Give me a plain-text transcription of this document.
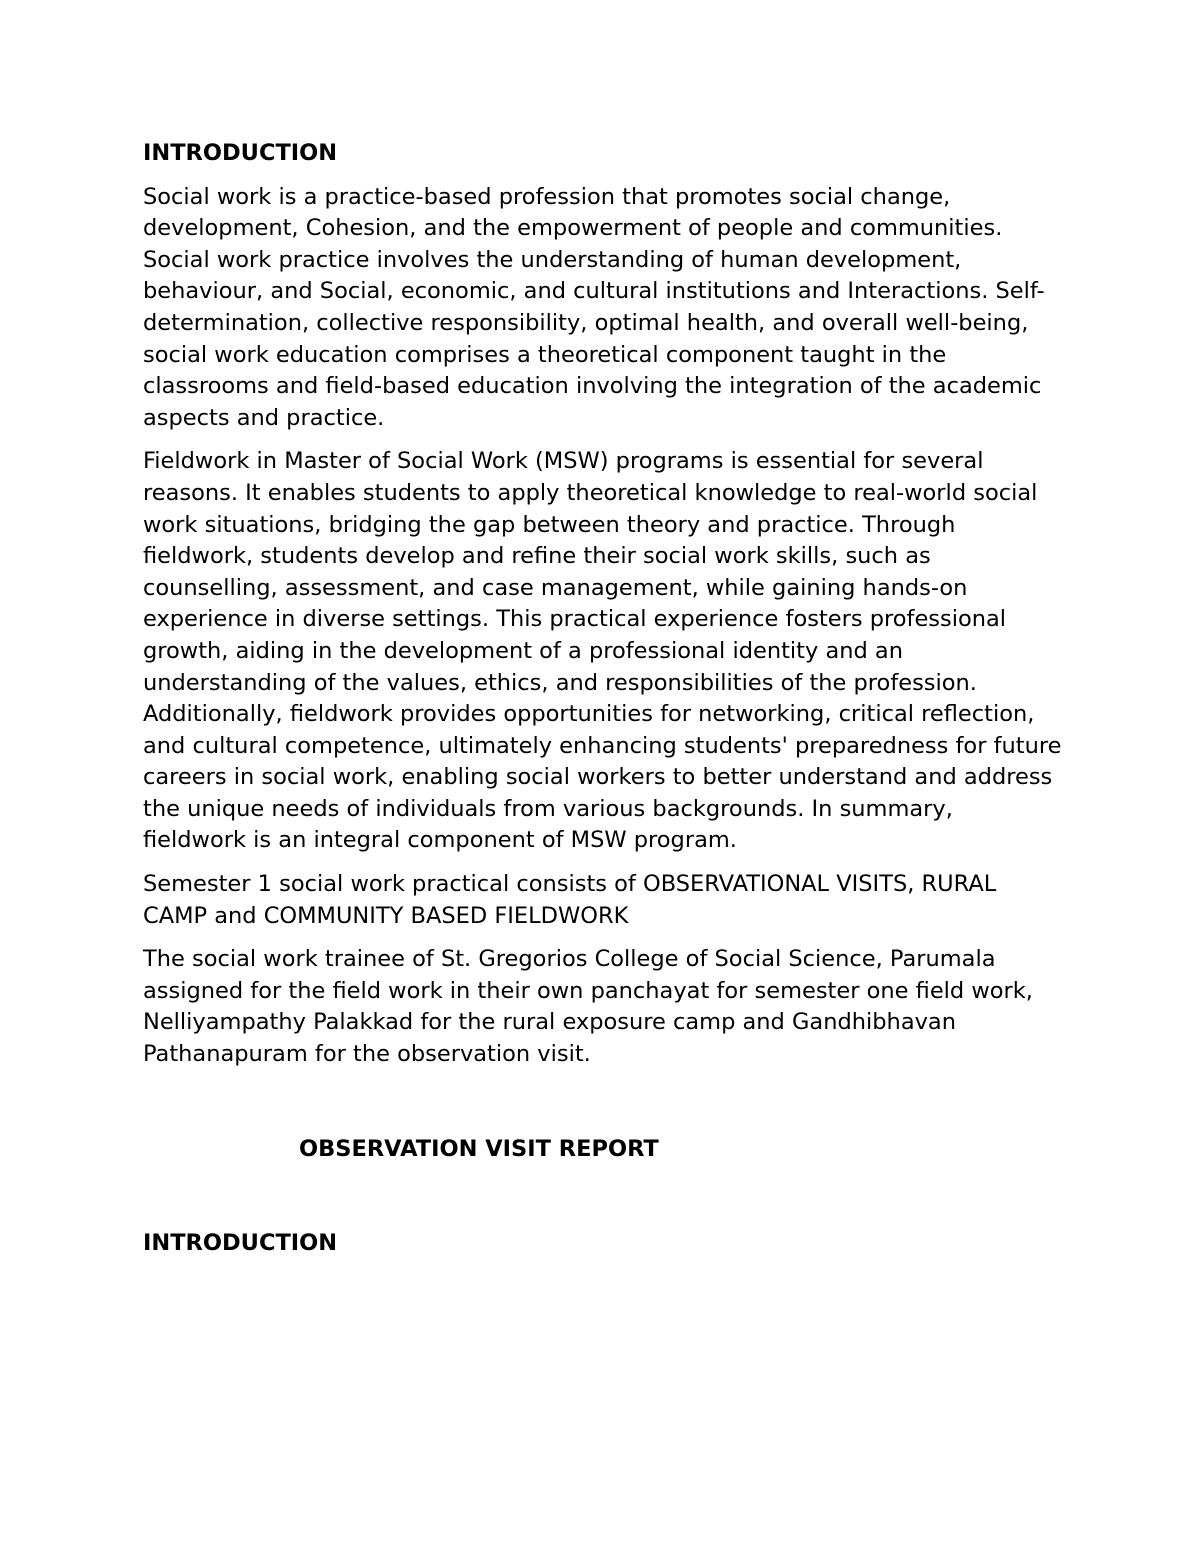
INTRODUCTION

Social work is a practice-based profession that promotes social change, development, Cohesion, and the empowerment of people and communities. Social work practice involves the understanding of human development, behaviour, and Social, economic, and cultural institutions and Interactions. Self-determination, collective responsibility, optimal health, and overall well-being, social work education comprises a theoretical component taught in the classrooms and field-based education involving the integration of the academic aspects and practice.

Fieldwork in Master of Social Work (MSW) programs is essential for several reasons. It enables students to apply theoretical knowledge to real-world social work situations, bridging the gap between theory and practice. Through fieldwork, students develop and refine their social work skills, such as counselling, assessment, and case management, while gaining hands-on experience in diverse settings. This practical experience fosters professional growth, aiding in the development of a professional identity and an understanding of the values, ethics, and responsibilities of the profession. Additionally, fieldwork provides opportunities for networking, critical reflection, and cultural competence, ultimately enhancing students' preparedness for future careers in social work, enabling social workers to better understand and address the unique needs of individuals from various backgrounds. In summary, fieldwork is an integral component of MSW program.

Semester 1 social work practical consists of OBSERVATIONAL VISITS, RURAL CAMP and COMMUNITY BASED FIELDWORK

The social work trainee of St. Gregorios College of Social Science, Parumala assigned for the field work in their own panchayat for semester one field work, Nelliyampathy Palakkad for the rural exposure camp and Gandhibhavan Pathanapuram for the observation visit.

OBSERVATION VISIT REPORT

INTRODUCTION
